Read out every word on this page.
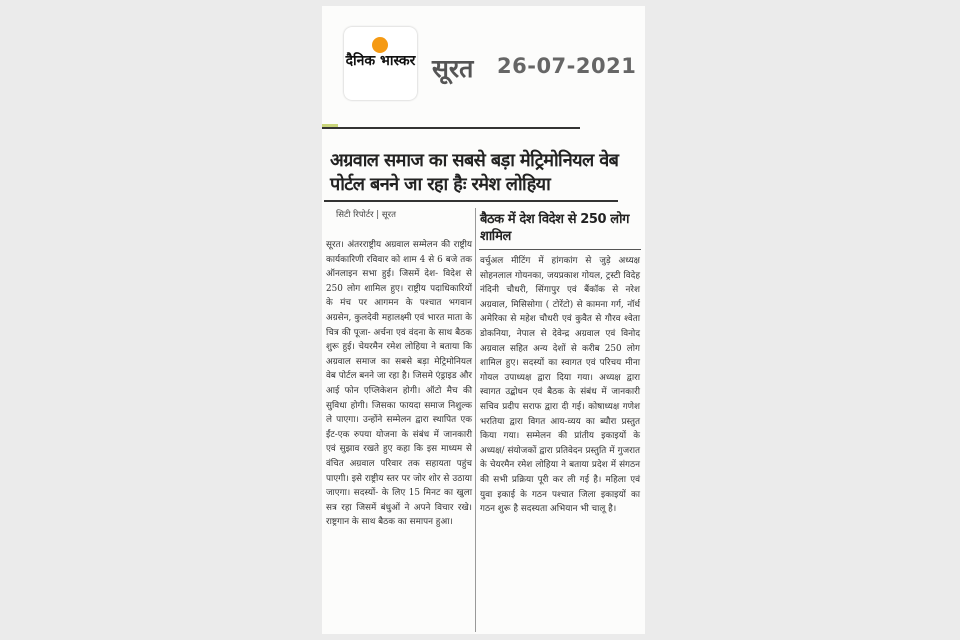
दैनिक भास्कर सूरत 26-07-2021
अग्रवाल समाज का सबसे बड़ा मेट्रिमोनियल वेब पोर्टल बनने जा रहा हैः रमेश लोहिया
सिटी रिपोर्टर | सूरत
सूरत। अंतरराष्ट्रीय अग्रवाल सम्मेलन की राष्ट्रीय कार्यकारिणी रविवार को शाम 4 से 6 बजे तक ऑनलाइन सभा हुई। जिसमें देश- विदेश से 250 लोग शामिल हुए। राष्ट्रीय पदाधिकारियों के मंच पर आगमन के पश्चात भगवान अग्रसेन, कुलदेवी महालक्ष्मी एवं भारत माता के चित्र की पूजा- अर्चना एवं वंदना के साथ बैठक शुरू हुई। चेयरमैन रमेश लोहिया ने बताया कि अग्रवाल समाज का सबसे बड़ा मेट्रिमोनियल वेब पोर्टल बनने जा रहा है। जिसमे एंड्राइड और आई फोन एप्लिकेशन होगी। ऑटो मैच की सुविधा होगी। जिसका फायदा समाज निशुल्क ले पाएगा। उन्होंने सम्मेलन द्वारा स्थापित एक ईंट-एक रुपया योजना के संबंध में जानकारी एवं सुझाव रखते हुए कहा कि इस माध्यम से वंचित अग्रवाल परिवार तक सहायता पहुंच पाएगी। इसे राष्ट्रीय स्तर पर जोर शोर से उठाया जाएगा। सदस्यों- के लिए 15 मिनट का खुला सत्र रहा जिसमें बंधुओं ने अपने विचार रखे। राष्ट्रगान के साथ बैठक का समापन हुआ।
बैठक में देश विदेश से 250 लोग शामिल
वर्चुअल मीटिंग में हांगकांग से जुड़े अध्यक्ष सोहनलाल गोयनका, जयप्रकाश गोयल, ट्रस्टी विदेह नंदिनी चौधरी, सिंगापुर एवं बैंकॉक से नरेश अग्रवाल, मिसिसोगा ( टोरेंटो) से कामना गर्ग, नॉर्थ अमेरिका से महेश चौधरी एवं कुवैत से गौरव श्वेता डोकनिया, नेपाल से देवेन्द्र अग्रवाल एवं विनोद अग्रवाल सहित अन्य देशों से करीब 250 लोग शामिल हुए। सदस्यों का स्वागत एवं परिचय मीना गोयल उपाध्यक्ष द्वारा दिया गया। अध्यक्ष द्वारा स्वागत उद्बोधन एवं बैठक के संबंध में जानकारी सचिव प्रदीप सराफ द्वारा दी गई। कोषाध्यक्ष गणेश भरतिया द्वारा विगत आय-व्यय का ब्यौरा प्रस्तुत किया गया। सम्मेलन की प्रांतीय इकाइयों के अध्यक्ष/ संयोजकों द्वारा प्रतिवेदन प्रस्तुति में गुजरात के चेयरमैन रमेश लोहिया ने बताया प्रदेश में संगठन की सभी प्रक्रिया पूरी कर ली गई है। महिला एवं युवा इकाई के गठन पश्चात जिला इकाइयों का गठन शुरू है सदस्यता अभियान भी चालू है।
